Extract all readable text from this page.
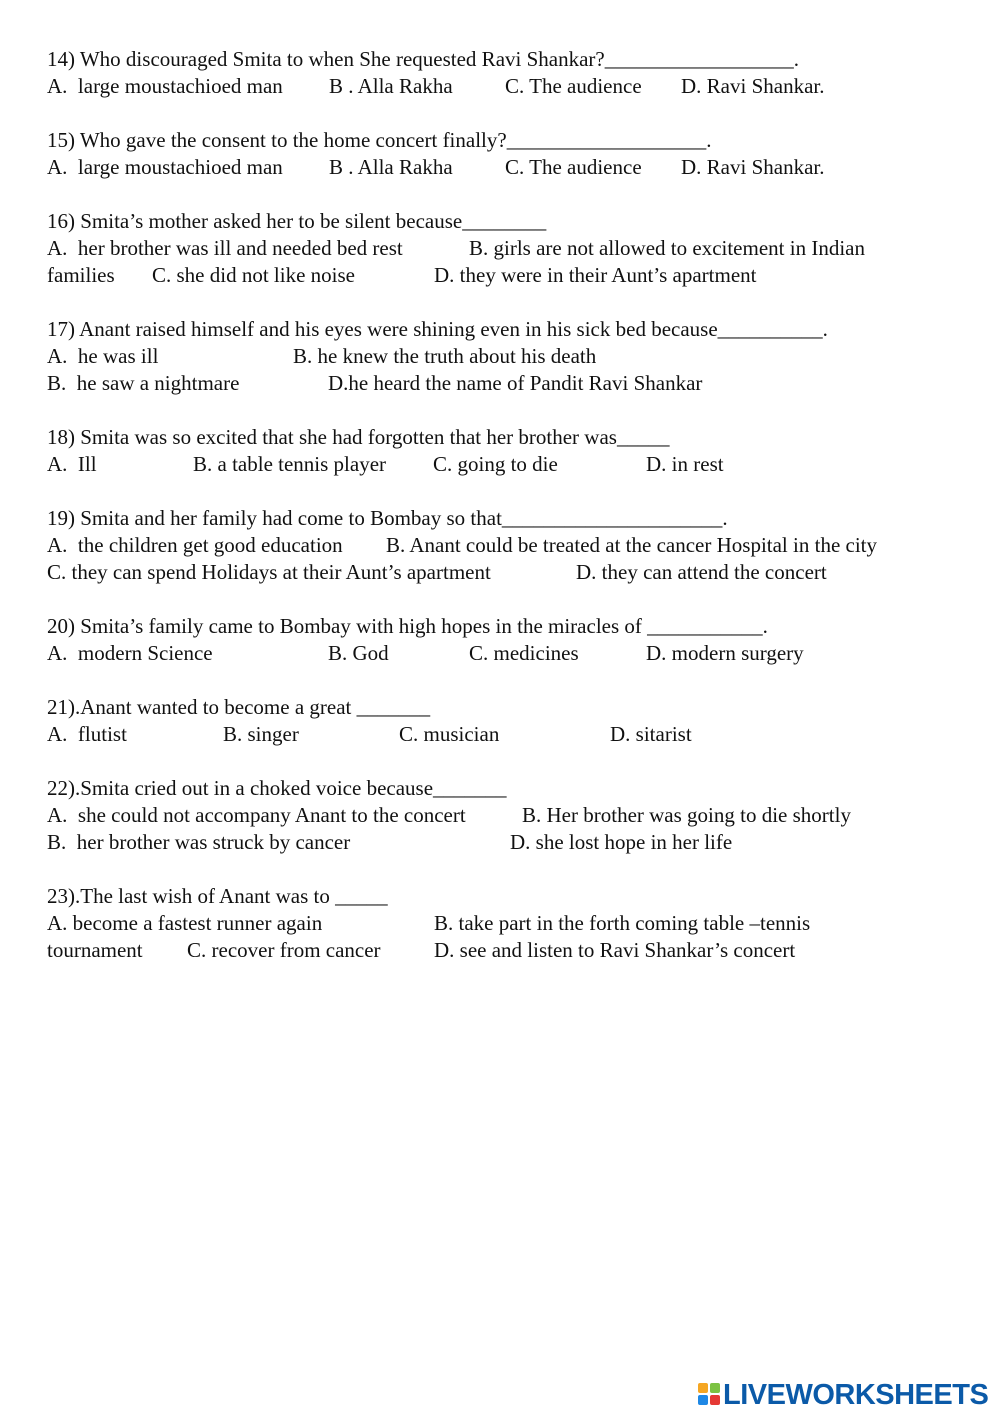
14) Who discouraged Smita to when She requested Ravi Shankar?__________________.
A.  large moustachioed man B . Alla Rakha C. The audience D. Ravi Shankar.
15) Who gave the consent to the home concert finally?___________________.
A.  large moustachioed man B . Alla Rakha C. The audience D. Ravi Shankar.
16) Smita’s mother asked her to be silent because________
A.  her brother was ill and needed bed rest	B. girls are not allowed to excitement in Indian
families C. she did not like noise	D. they were in their Aunt’s apartment
17) Anant raised himself and his eyes were shining even in his sick bed because__________.
A.  he was ill	B. he knew the truth about his death
B.  he saw a nightmare	D.he heard the name of Pandit Ravi Shankar
18) Smita was so excited that she had forgotten that her brother was_____
A.  Ill	B. a table tennis player C. going to die	D. in rest
19) Smita and her family had come to Bombay so that_____________________.
A.  the children get good education B. Anant could be treated at the cancer Hospital in the city
C. they can spend Holidays at their Aunt’s apartment	D. they can attend the concert
20) Smita’s family came to Bombay with high hopes in the miracles of ___________.
A.  modern Science	B. God	C. medicines	D. modern surgery
21).Anant wanted to become a great _______
A.  flutist	B. singer	C. musician	D. sitarist
22).Smita cried out in a choked voice because_______
A.  she could not accompany Anant to the concert	B. Her brother was going to die shortly
B.  her brother was struck by cancer	D. she lost hope in her life
23).The last wish of Anant was to _____
A. become a fastest runner again	B. take part in the forth coming table –tennis
tournament C. recover from cancer	D. see and listen to Ravi Shankar’s concert
LIVEWORKSHEETS
